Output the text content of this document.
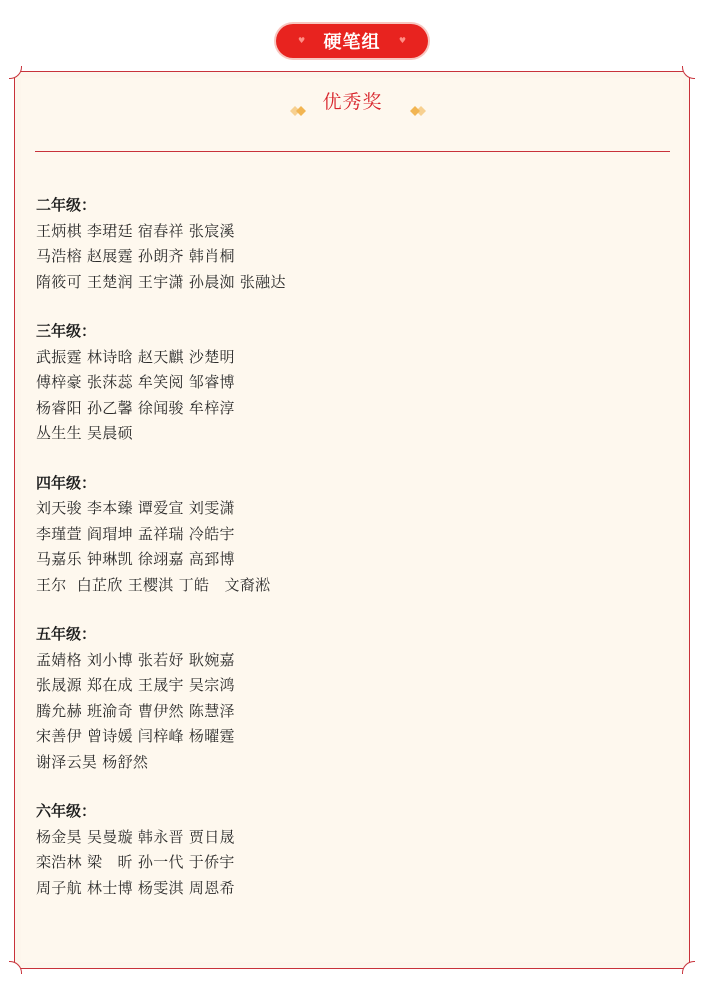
♥ 硬笔组 ♥
优秀奖
二年级：
王炳棋 李珺廷 宿春祥 张宸溪
马浩榕 赵展霆 孙朗齐 韩肖桐
隋筱可 王楚润 王宇潇 孙晨洳 张融达
三年级：
武振霆 林诗晗 赵天麒 沙楚明
傅梓豪 张莯蕊 牟笑阅 邹睿博
杨睿阳 孙乙馨 徐闻骏 牟梓淳
丛生生 吴晨硕
四年级：
刘天骏 李本臻 谭爱宣 刘雯潇
李瑾萱 阎瑁坤 孟祥瑞 冷皓宇
马嘉乐 钟琳凯 徐翊嘉 高郅博
王尔  白芷欣 王樱淇 丁皓   文裔淞
五年级：
孟婧格 刘小博 张若妤 耿婉嘉
张晟源 郑在成 王晟宇 吴宗鸿
腾允赫 班渝奇 曹伊然 陈慧泽
宋善伊 曾诗媛 闫梓峰 杨曜霆
谢泽云昊 杨舒然
六年级：
杨金昊 吴曼璇 韩永晋 贾日晟
栾浩林 梁   昕 孙一代 于侨宇
周子航 林士博 杨雯淇 周恩希
